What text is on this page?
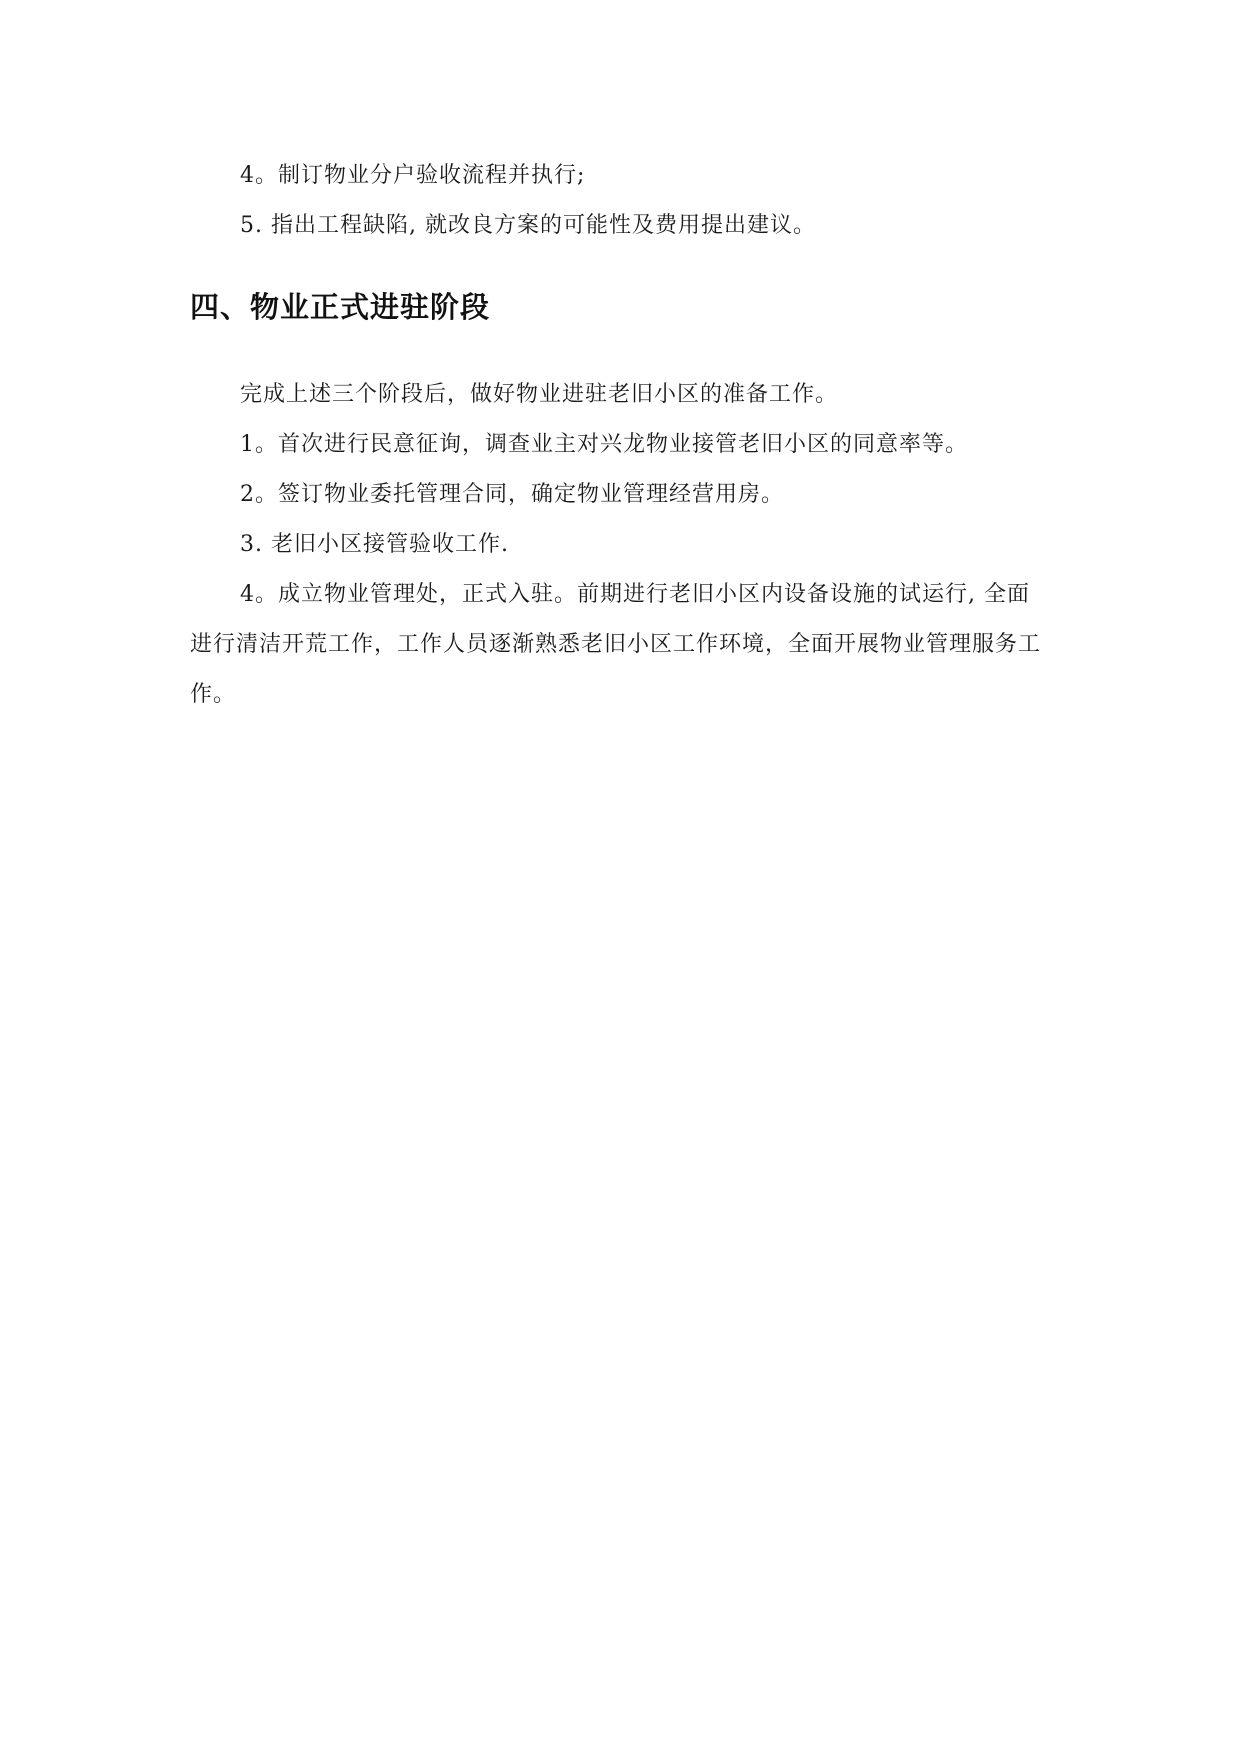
4。制订物业分户验收流程并执行;

5. 指出工程缺陷, 就改良方案的可能性及费用提出建议。

四、物业正式进驻阶段

完成上述三个阶段后，做好物业进驻老旧小区的准备工作。

1。首次进行民意征询，调查业主对兴龙物业接管老旧小区的同意率等。

2。签订物业委托管理合同，确定物业管理经营用房。

3. 老旧小区接管验收工作.

4。成立物业管理处，正式入驻。前期进行老旧小区内设备设施的试运行, 全面进行清洁开荒工作，工作人员逐渐熟悉老旧小区工作环境，全面开展物业管理服务工作。
